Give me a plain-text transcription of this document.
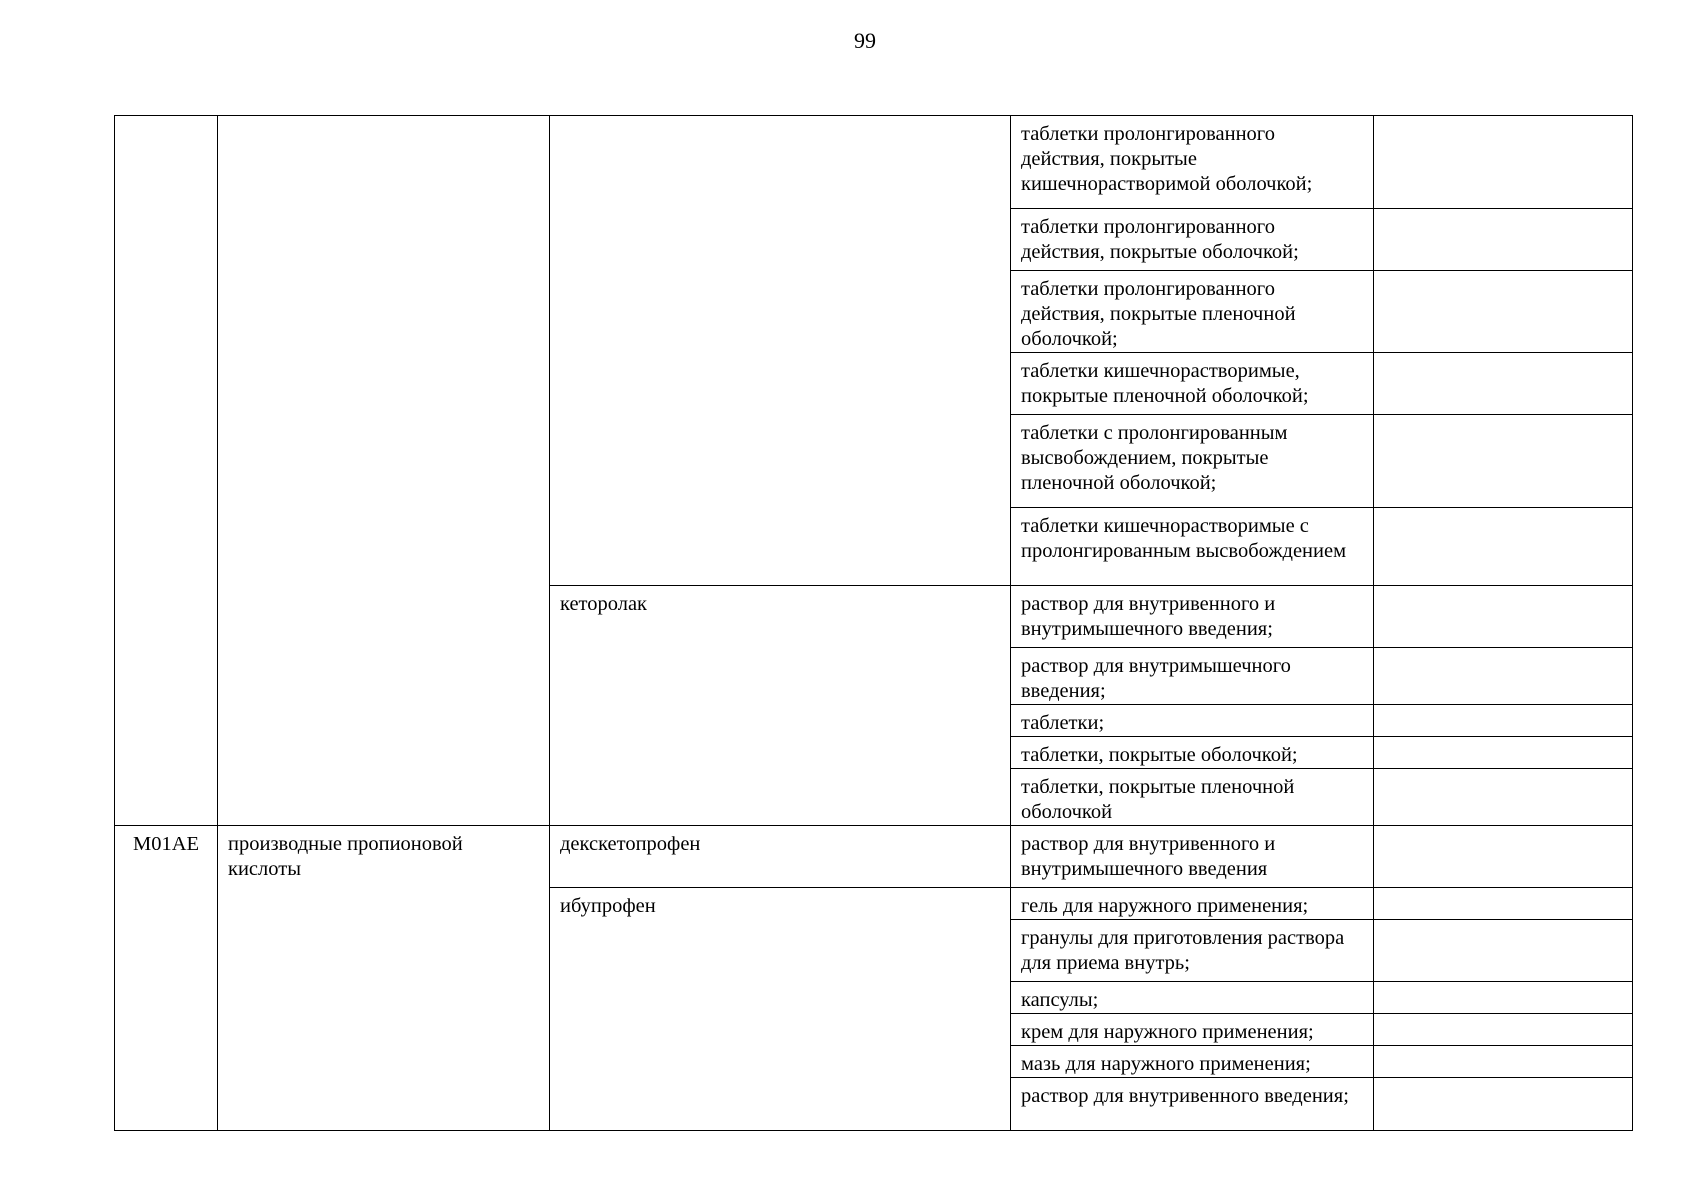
99
			таблетки пролонгированного действия, покрытые кишечнорастворимой оболочкой;	
			таблетки пролонгированного действия, покрытые оболочкой;	
			таблетки пролонгированного действия, покрытые пленочной оболочкой;	
			таблетки кишечнорастворимые, покрытые пленочной оболочкой;	
			таблетки с пролонгированным высвобождением, покрытые пленочной оболочкой;	
			таблетки кишечнорастворимые с пролонгированным высвобождением	
		кеторолак	раствор для внутривенного и внутримышечного введения;	
			раствор для внутримышечного введения;	
			таблетки;	
			таблетки, покрытые оболочкой;	
			таблетки, покрытые пленочной оболочкой	
M01AE	производные пропионовой кислоты	декскетопрофен	раствор для внутривенного и внутримышечного введения	
		ибупрофен	гель для наружного применения;	
			гранулы для приготовления раствора для приема внутрь;	
			капсулы;	
			крем для наружного применения;	
			мазь для наружного применения;	
			раствор для внутривенного введения;	
